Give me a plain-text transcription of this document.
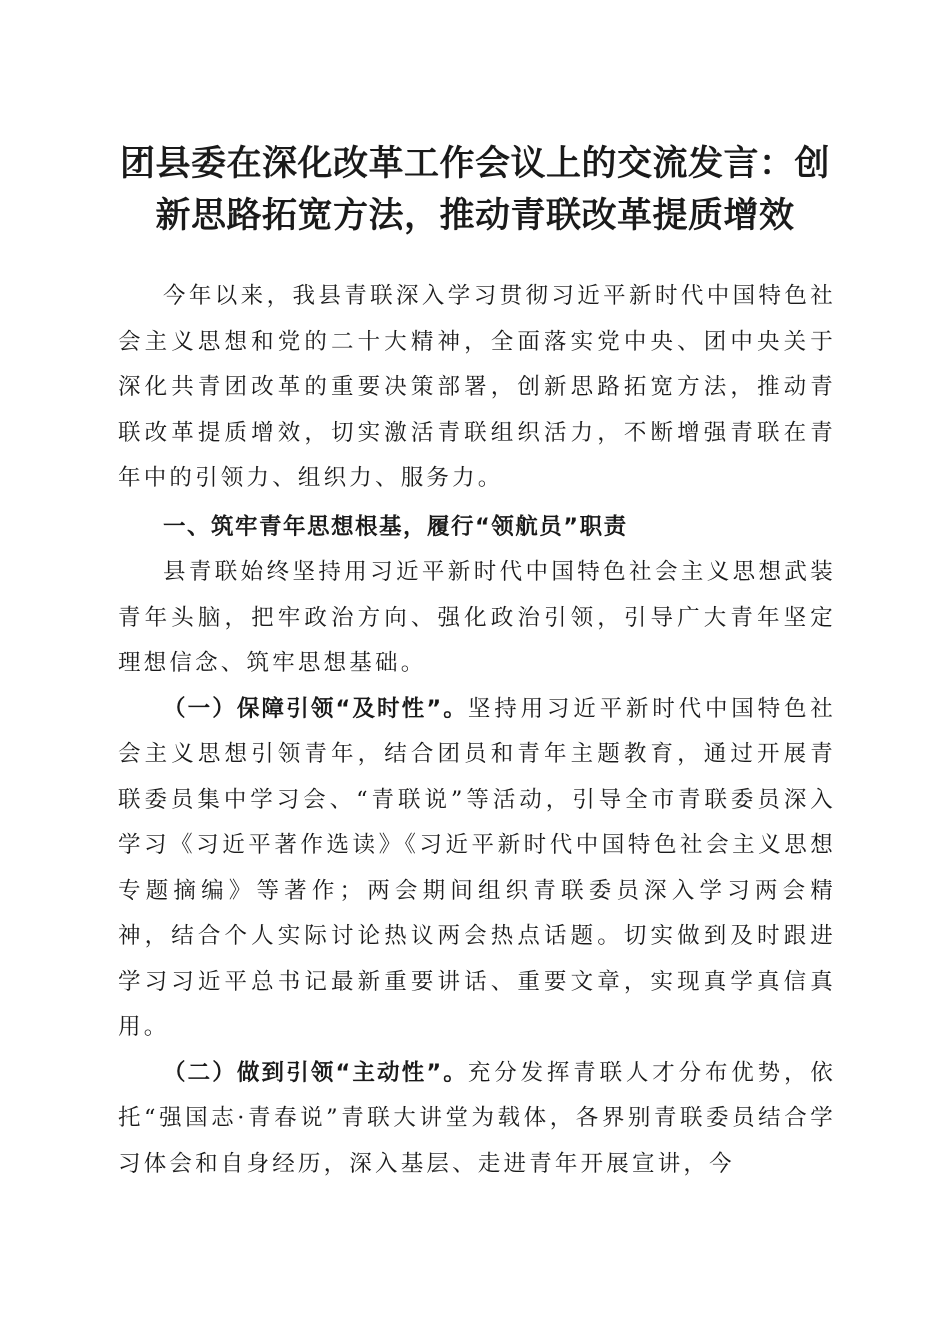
团县委在深化改革工作会议上的交流发言：创
新思路拓宽方法，推动青联改革提质增效

今年以来，我县青联深入学习贯彻习近平新时代中国特色社会主义思想和党的二十大精神，全面落实党中央、团中央关于深化共青团改革的重要决策部署，创新思路拓宽方法，推动青联改革提质增效，切实激活青联组织活力，不断增强青联在青年中的引领力、组织力、服务力。

一、筑牢青年思想根基，履行“领航员”职责

县青联始终坚持用习近平新时代中国特色社会主义思想武装青年头脑，把牢政治方向、强化政治引领，引导广大青年坚定理想信念、筑牢思想基础。

（一）保障引领“及时性”。坚持用习近平新时代中国特色社会主义思想引领青年，结合团员和青年主题教育，通过开展青联委员集中学习会、“青联说”等活动，引导全市青联委员深入学习《习近平著作选读》《习近平新时代中国特色社会主义思想专题摘编》等著作；两会期间组织青联委员深入学习两会精神，结合个人实际讨论热议两会热点话题。切实做到及时跟进学习习近平总书记最新重要讲话、重要文章，实现真学真信真用。

（二）做到引领“主动性”。充分发挥青联人才分布优势，依托“强国志·青春说”青联大讲堂为载体，各界别青联委员结合学习体会和自身经历，深入基层、走进青年开展宣讲，今
